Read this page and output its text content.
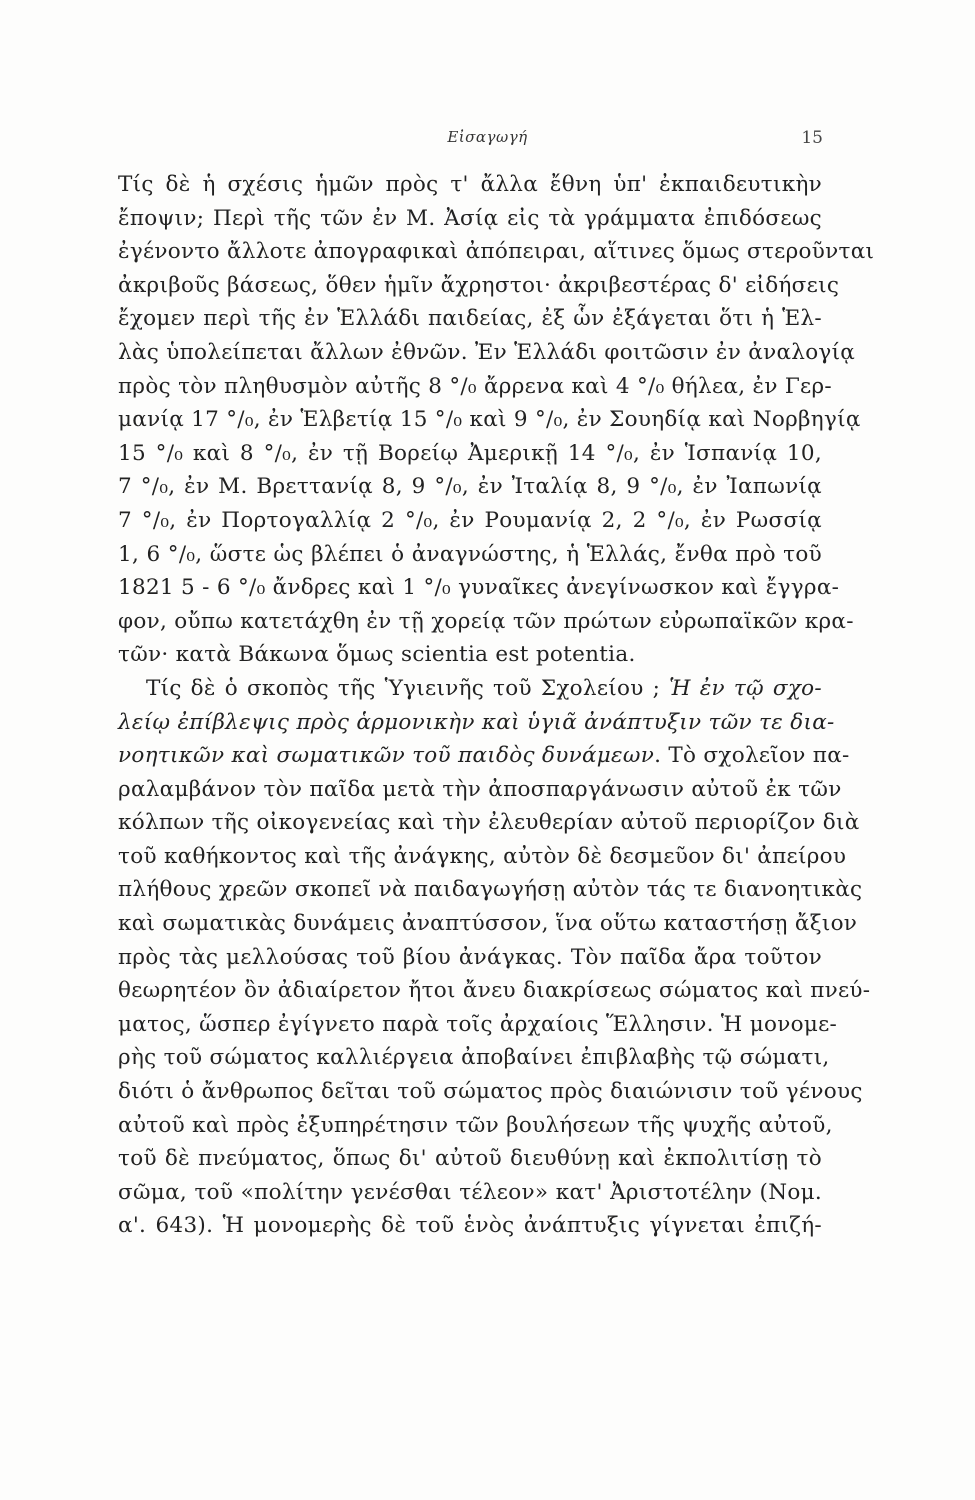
Εἰσαγωγή	15
Τίς δὲ ἡ σχέσις ἡμῶν πρὸς τ' ἄλλα ἔθνη ὑπ' ἐκπαιδευτικὴν
ἔποψιν; Περὶ τῆς τῶν ἐν Μ. Ἀσίᾳ εἰς τὰ γράμματα ἐπιδόσεως
ἐγένοντο ἄλλοτε ἀπογραφικαὶ ἀπόπειραι, αἵτινες ὅμως στεροῦνται
ἀκριβοῦς βάσεως, ὅθεν ἡμῖν ἄχρηστοι· ἀκριβεστέρας δ' εἰδήσεις
ἔχομεν περὶ τῆς ἐν Ἑλλάδι παιδείας, ἐξ ὧν ἐξάγεται ὅτι ἡ Ἑλ-
λὰς ὑπολείπεται ἄλλων ἐθνῶν. Ἐν Ἑλλάδι φοιτῶσιν ἐν ἀναλογίᾳ
πρὸς τὸν πληθυσμὸν αὐτῆς 8 °/₀ ἄρρενα καὶ 4 °/₀ θήλεα, ἐν Γερ-
μανίᾳ 17 °/₀, ἐν Ἑλβετίᾳ 15 °/₀ καὶ 9 °/₀, ἐν Σουηδίᾳ καὶ Νορβηγίᾳ
15 °/₀ καὶ 8 °/₀, ἐν τῇ Βορείῳ Ἀμερικῇ 14 °/₀, ἐν Ἱσπανίᾳ 10,
7 °/₀, ἐν Μ. Βρεττανίᾳ 8, 9 °/₀, ἐν Ἰταλίᾳ 8, 9 °/₀, ἐν Ἰαπωνίᾳ
7 °/₀, ἐν Πορτογαλλίᾳ 2 °/₀, ἐν Ρουμανίᾳ 2, 2 °/₀, ἐν Ρωσσίᾳ
1, 6 °/₀, ὥστε ὡς βλέπει ὁ ἀναγνώστης, ἡ Ἑλλάς, ἔνθα πρὸ τοῦ
1821 5 - 6 °/₀ ἄνδρες καὶ 1 °/₀ γυναῖκες ἀνεγίνωσκον καὶ ἔγγρα-
φον, οὔπω κατετάχθη ἐν τῇ χορείᾳ τῶν πρώτων εὐρωπαϊκῶν κρα-
τῶν· κατὰ Βάκωνα ὅμως scientia est potentia.
Τίς δὲ ὁ σκοπὸς τῆς Ὑγιεινῆς τοῦ Σχολείου ; Ἡ ἐν τῷ σχο-
λείῳ ἐπίβλεψις πρὸς ἁρμονικὴν καὶ ὑγιᾶ ἀνάπτυξιν τῶν τε δια-
νοητικῶν καὶ σωματικῶν τοῦ παιδὸς δυνάμεων. Τὸ σχολεῖον πα-
ραλαμβάνον τὸν παῖδα μετὰ τὴν ἀποσπαργάνωσιν αὐτοῦ ἐκ τῶν
κόλπων τῆς οἰκογενείας καὶ τὴν ἐλευθερίαν αὐτοῦ περιορίζον διὰ
τοῦ καθήκοντος καὶ τῆς ἀνάγκης, αὐτὸν δὲ δεσμεῦον δι' ἀπείρου
πλήθους χρεῶν σκοπεῖ νὰ παιδαγωγήσῃ αὐτὸν τάς τε διανοητικὰς
καὶ σωματικὰς δυνάμεις ἀναπτύσσον, ἵνα οὕτω καταστήσῃ ἄξιον
πρὸς τὰς μελλούσας τοῦ βίου ἀνάγκας. Τὸν παῖδα ἄρα τοῦτον
θεωρητέον ὂν ἀδιαίρετον ἤτοι ἄνευ διακρίσεως σώματος καὶ πνεύ-
ματος, ὥσπερ ἐγίγνετο παρὰ τοῖς ἀρχαίοις Ἕλλησιν. Ἡ μονομε-
ρὴς τοῦ σώματος καλλιέργεια ἀποβαίνει ἐπιβλαβὴς τῷ σώματι,
διότι ὁ ἄνθρωπος δεῖται τοῦ σώματος πρὸς διαιώνισιν τοῦ γένους
αὐτοῦ καὶ πρὸς ἐξυπηρέτησιν τῶν βουλήσεων τῆς ψυχῆς αὐτοῦ,
τοῦ δὲ πνεύματος, ὅπως δι' αὐτοῦ διευθύνῃ καὶ ἐκπολιτίσῃ τὸ
σῶμα, τοῦ «πολίτην γενέσθαι τέλεον» κατ' Ἀριστοτέλην (Νομ.
α'. 643). Ἡ μονομερὴς δὲ τοῦ ἑνὸς ἀνάπτυξις γίγνεται ἐπιζή-
